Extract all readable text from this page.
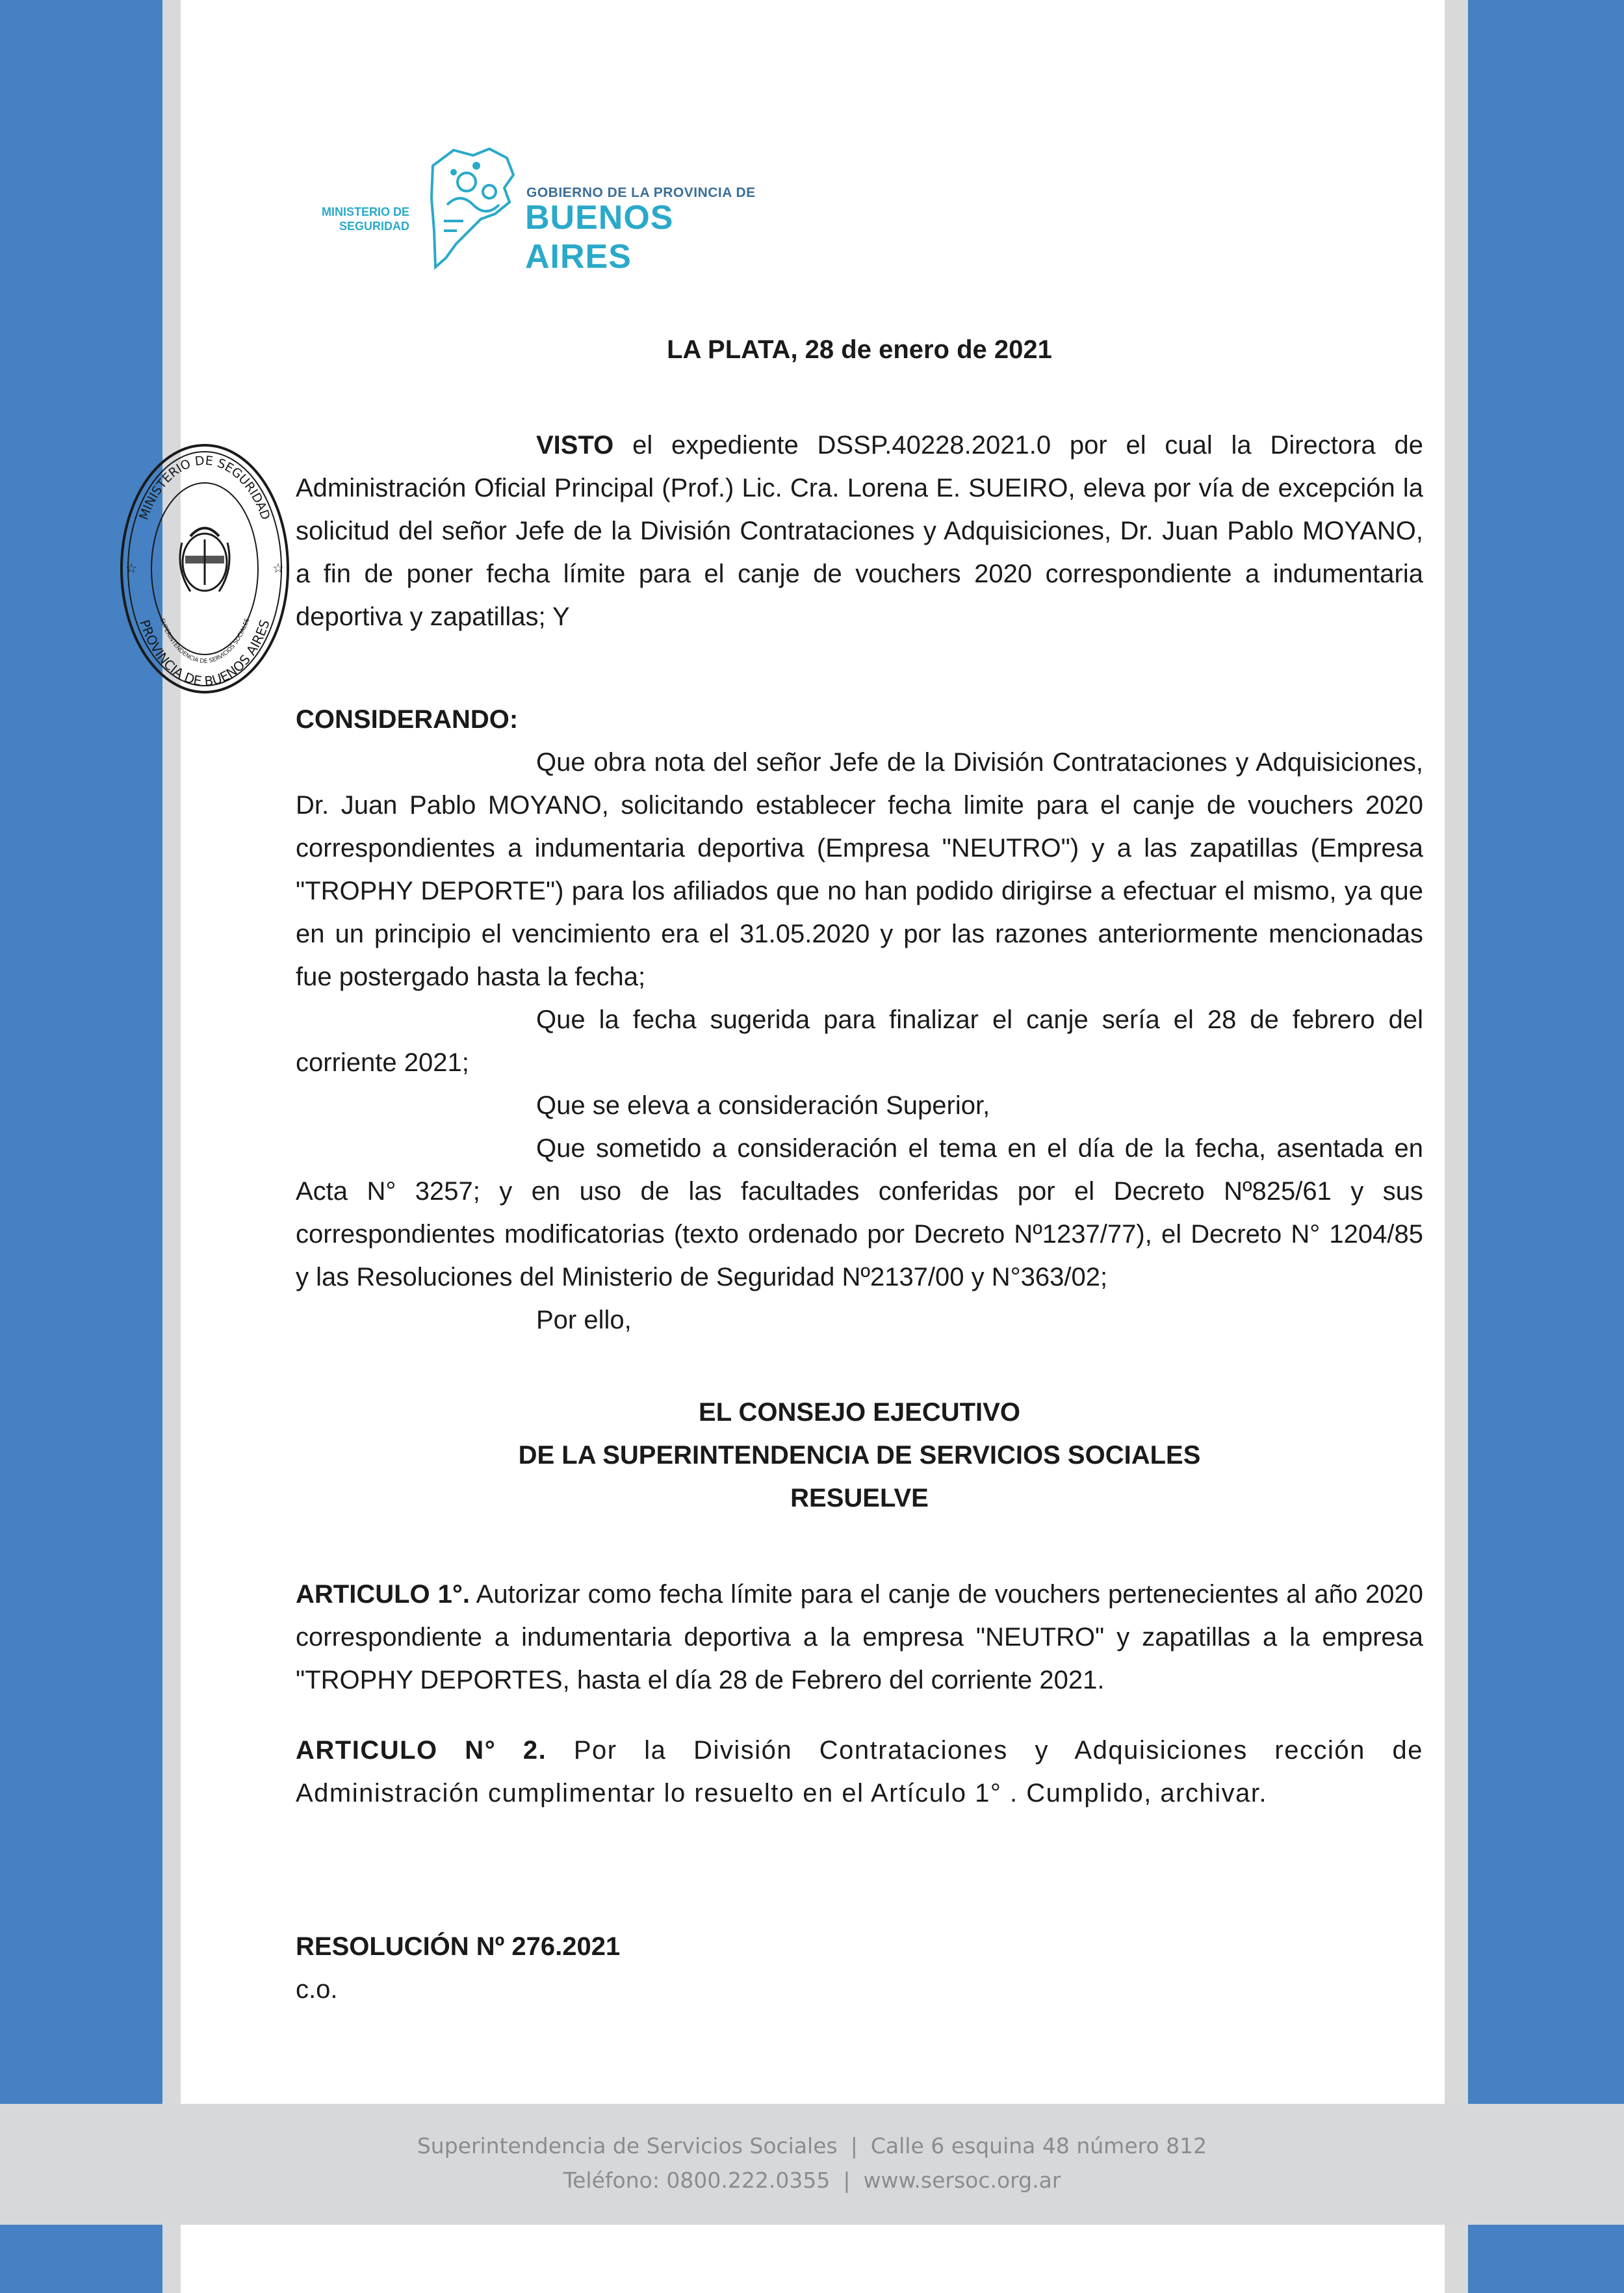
MINISTERIO DE
SEGURIDAD
GOBIERNO DE LA PROVINCIA DE
BUENOS AIRES
MINISTERIO DE SEGURIDAD
PROVINCIA DE BUENOS AIRES
SUPERINTENDENCIA DE SERVICIOS SOCIALES
☆	☆
LA PLATA, 28 de enero de 2021
VISTO el expediente DSSP.40228.2021.0 por el cual la Directora de Administración Oficial Principal (Prof.) Lic. Cra. Lorena E. SUEIRO, eleva por vía de excepción la solicitud del señor Jefe de la División Contrataciones y Adquisiciones, Dr. Juan Pablo MOYANO, a fin de poner fecha límite para el canje de vouchers 2020 correspondiente a indumentaria deportiva y zapatillas; Y
CONSIDERANDO:

Que obra nota del señor Jefe de la División Contrataciones y Adquisiciones, Dr. Juan Pablo MOYANO, solicitando establecer fecha limite para el canje de vouchers 2020 correspondientes a indumentaria deportiva (Empresa "NEUTRO") y a las zapatillas (Empresa "TROPHY DEPORTE") para los afiliados que no han podido dirigirse a efectuar el mismo, ya que en un principio el vencimiento era el 31.05.2020 y por las razones anteriormente mencionadas fue postergado hasta la fecha;

Que la fecha sugerida para finalizar el canje sería el 28 de febrero del corriente 2021;

Que se eleva a consideración Superior,

Que sometido a consideración el tema en el día de la fecha, asentada en Acta N° 3257; y en uso de las facultades conferidas por el Decreto Nº825/61 y sus correspondientes modificatorias (texto ordenado por Decreto Nº1237/77), el Decreto N° 1204/85 y las Resoluciones del Ministerio de Seguridad Nº2137/00 y N°363/02;

Por ello,

EL CONSEJO EJECUTIVO

DE LA SUPERINTENDENCIA DE SERVICIOS SOCIALES

RESUELVE

ARTICULO 1°. Autorizar como fecha límite para el canje de vouchers pertenecientes al año 2020 correspondiente a indumentaria deportiva a la empresa "NEUTRO" y zapatillas a la empresa "TROPHY DEPORTES, hasta el día 28 de Febrero del corriente 2021.
ARTICULO N° 2. Por la División Contrataciones y Adquisiciones rección de Administración cumplimentar lo resuelto en el Artículo 1° . Cumplido, archivar.
RESOLUCIÓN Nº 276.2021
c.o.
Superintendencia de Servicios Sociales | Calle 6 esquina 48 número 812
Teléfono: 0800.222.0355 | www.sersoc.org.ar
